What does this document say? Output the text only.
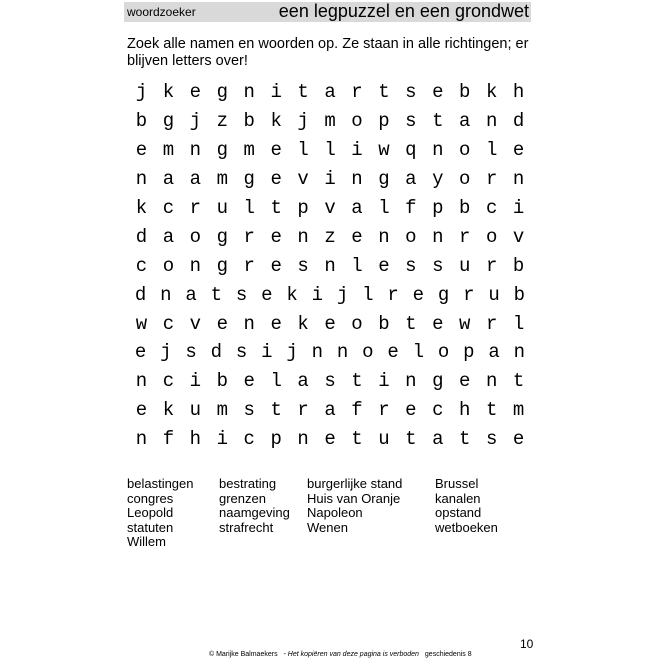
woordzoeker	een legpuzzel en een grondwet
Zoek alle namen en woorden op. Ze staan in alle richtingen; er blijven letters over!
j k e g n i t a r t s e b k h
b g j z b k j m o p s t a n d
e m n g m e l l i w q n o l e
n a a m g e v i n g a y o r n
k c r u l t p v a l f p b c i
d a o g r e n z e n o n r o v
c o n g r e s n l e s s u r b
d n a t s e k i j l r e g r u b
w c v e n e k e o b t e w r l
e j s d s i j n n o e l o p a n
n c i b e l a s t i n g e n t
e k u m s t r a f r e c h t m
n f h i c p n e t u t a t s e
belastingen	bestrating	burgerlijke stand	Brussel
congres	grenzen	Huis van Oranje	kanalen
Leopold	naamgeving	Napoleon	opstand
statuten	strafrecht	Wenen	wetboeken
Willem
10
© Marijke Balmaekers - Het kopiëren van deze pagina is verboden geschiedenis 8
